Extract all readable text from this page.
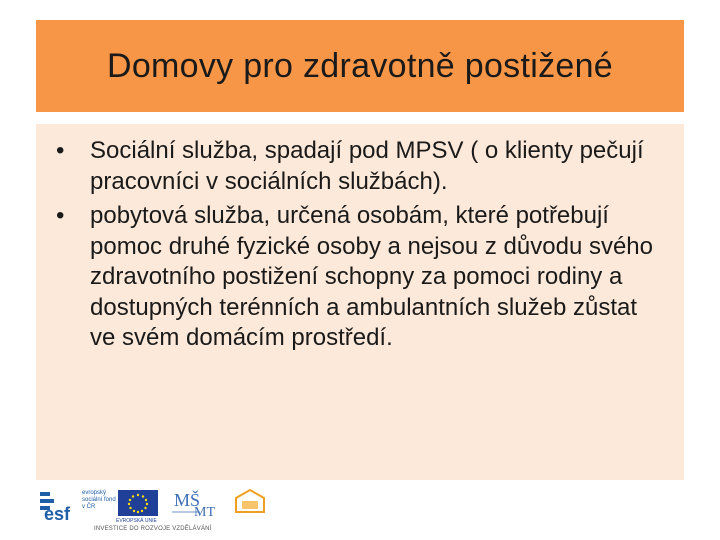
Domovy pro zdravotně postižené
•	Sociální služba, spadají pod MPSV ( o klienty pečují pracovníci v sociálních službách).
•	pobytová služba, určená osobám, které potřebují pomoc druhé fyzické osoby a nejsou z důvodu svého zdravotního postižení schopny za pomoci rodiny a dostupných terénních a ambulantních služeb zůstat ve svém domácím prostředí.
esf
evropský sociální fond v ČR
EVROPSKÁ UNIE
MŠ
MT
INVESTICE DO ROZVOJE VZDĚLÁVÁNÍ
